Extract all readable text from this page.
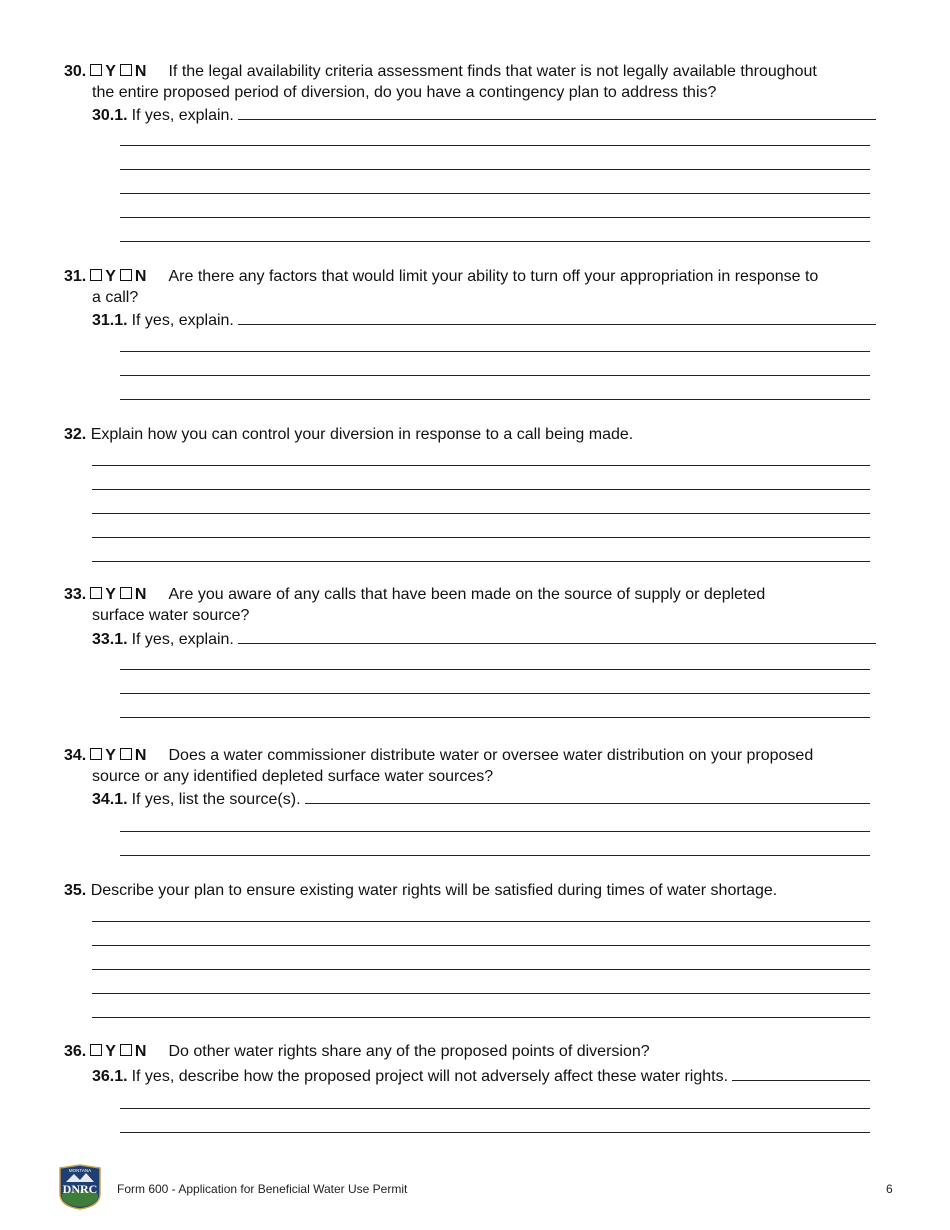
30.	Y	N If the legal availability criteria assessment finds that water is not legally available throughout
the entire proposed period of diversion, do you have a contingency plan to address this?
30.1. If yes, explain.
31.	Y	N Are there any factors that would limit your ability to turn off your appropriation in response to
a call?
31.1. If yes, explain.
32. Explain how you can control your diversion in response to a call being made.
33.	Y	N Are you aware of any calls that have been made on the source of supply or depleted
surface water source?
33.1. If yes, explain.
34.	Y	N Does a water commissioner distribute water or oversee water distribution on your proposed
source or any identified depleted surface water sources?
34.1. If yes, list the source(s).
35. Describe your plan to ensure existing water rights will be satisfied during times of water shortage.
36.	Y	N Do other water rights share any of the proposed points of diversion?
36.1. If yes, describe how the proposed project will not adversely affect these water rights.
MONTANA
DNRC Form 600 - Application for Beneficial Water Use Permit	6
